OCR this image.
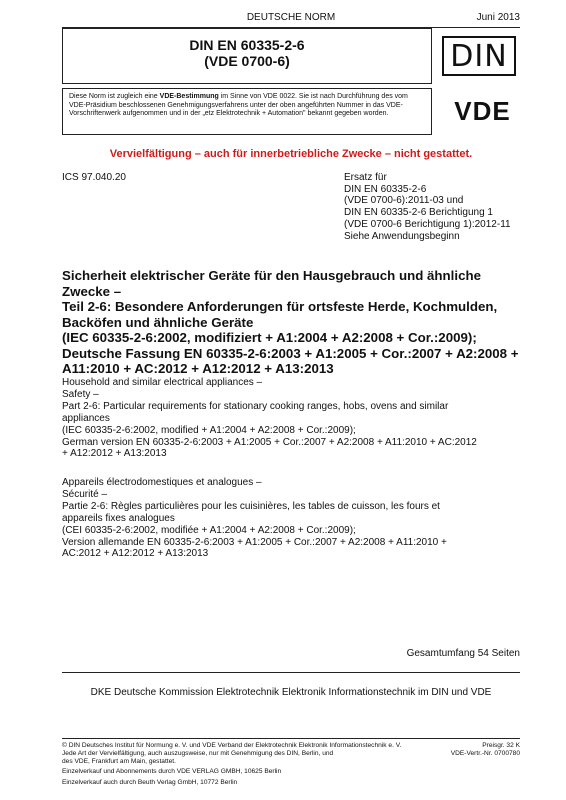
DEUTSCHE NORM	Juni 2013
DIN EN 60335-2-6
(VDE 0700-6)	DIN
Diese Norm ist zugleich eine VDE-Bestimmung im Sinne von VDE 0022. Sie ist nach Durchführung des vom VDE-Präsidium beschlossenen Genehmigungsverfahrens unter der oben angeführten Nummer in das VDE-Vorschriftenwerk aufgenommen und in der „etz Elektrotechnik + Automation" bekannt gegeben worden.	VDE
Vervielfältigung – auch für innerbetriebliche Zwecke – nicht gestattet.
ICS 97.040.20	Ersatz für
DIN EN 60335-2-6
(VDE 0700-6):2011-03 und
DIN EN 60335-2-6 Berichtigung 1
(VDE 0700-6 Berichtigung 1):2012-11
Siehe Anwendungsbeginn
Sicherheit elektrischer Geräte für den Hausgebrauch und ähnliche
Zwecke –
Teil 2-6: Besondere Anforderungen für ortsfeste Herde, Kochmulden,
Backöfen und ähnliche Geräte
(IEC 60335-2-6:2002, modifiziert + A1:2004 + A2:2008 + Cor.:2009);
Deutsche Fassung EN 60335-2-6:2003 + A1:2005 + Cor.:2007 + A2:2008 +
A11:2010 + AC:2012 + A12:2012 + A13:2013
Household and similar electrical appliances –
Safety –
Part 2-6: Particular requirements for stationary cooking ranges, hobs, ovens and similar
appliances
(IEC 60335-2-6:2002, modified + A1:2004 + A2:2008 + Cor.:2009);
German version EN 60335-2-6:2003 + A1:2005 + Cor.:2007 + A2:2008 + A11:2010 + AC:2012
+ A12:2012 + A13:2013
Appareils électrodomestiques et analogues –
Sécurité –
Partie 2-6: Règles particulières pour les cuisinières, les tables de cuisson, les fours et
appareils fixes analogues
(CEI 60335-2-6:2002, modifiée + A1:2004 + A2:2008 + Cor.:2009);
Version allemande EN 60335-2-6:2003 + A1:2005 + Cor.:2007 + A2:2008 + A11:2010 +
AC:2012 + A12:2012 + A13:2013
Gesamtumfang 54 Seiten
DKE Deutsche Kommission Elektrotechnik Elektronik Informationstechnik im DIN und VDE
© DIN Deutsches Institut für Normung e. V. und VDE Verband der Elektrotechnik Elektronik Informationstechnik e. V.
Jede Art der Vervielfältigung, auch auszugsweise, nur mit Genehmigung des DIN, Berlin, und
des VDE, Frankfurt am Main, gestattet.
Preisgr. 32 K
VDE-Vertr.-Nr. 0700780
Einzelverkauf und Abonnements durch VDE VERLAG GMBH, 10625 Berlin
Einzelverkauf auch durch Beuth Verlag GmbH, 10772 Berlin
